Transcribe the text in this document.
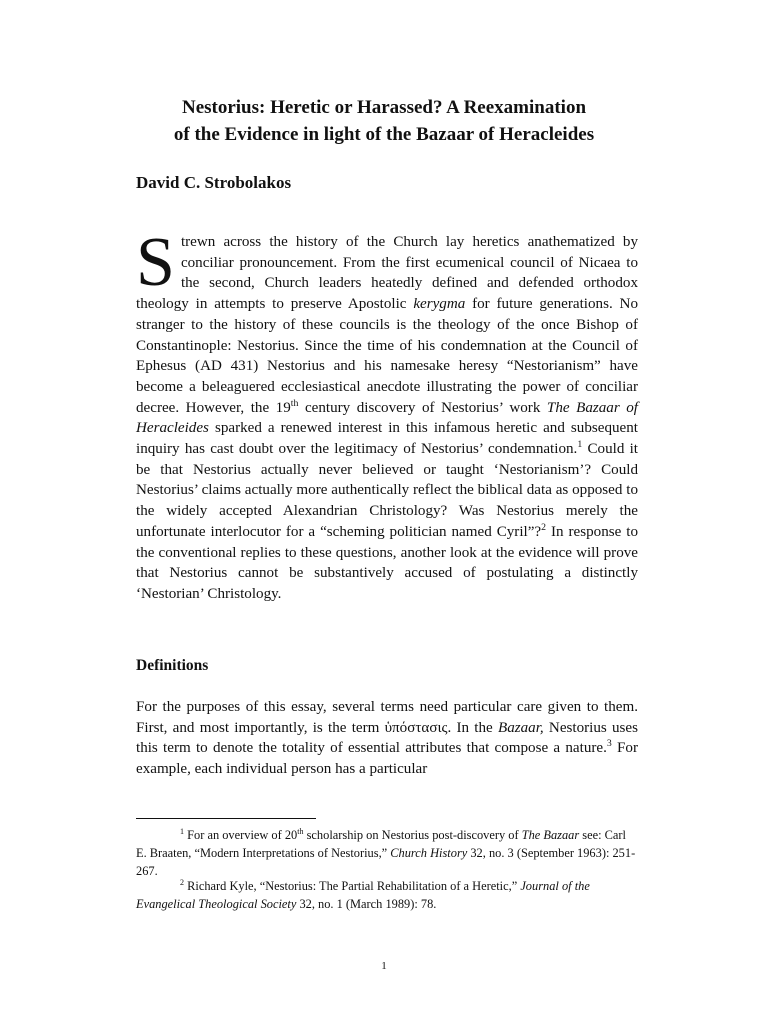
Nestorius: Heretic or Harassed? A Reexamination
of the Evidence in light of the Bazaar of Heracleides

David C. Strobolakos

Strewn across the history of the Church lay heretics anathematized by conciliar pronouncement. From the first ecumenical council of Nicaea to the second, Church leaders heatedly defined and defended orthodox theology in attempts to preserve Apostolic kerygma for future generations. No stranger to the history of these councils is the theology of the once Bishop of Constantinople: Nestorius. Since the time of his condemnation at the Council of Ephesus (AD 431) Nestorius and his namesake heresy “Nestorianism” have become a beleaguered ecclesiastical anecdote illustrating the power of conciliar decree. However, the 19th century discovery of Nestorius’ work The Bazaar of Heracleides sparked a renewed interest in this infamous heretic and subsequent inquiry has cast doubt over the legitimacy of Nestorius’ condemnation.$^1$ Could it be that Nestorius actually never believed or taught ‘Nestorianism’? Could Nestorius’ claims actually more authentically reflect the biblical data as opposed to the widely accepted Alexandrian Christology? Was Nestorius merely the unfortunate interlocutor for a “scheming politician named Cyril”?$^2$ In response to the conventional replies to these questions, another look at the evidence will prove that Nestorius cannot be substantively accused of postulating a distinctly ‘Nestorian’ Christology.

Definitions

For the purposes of this essay, several terms need particular care given to them. First, and most importantly, is the term ὑπόστασις. In the Bazaar, Nestorius uses this term to denote the totality of essential attributes that compose a nature.$^3$ For example, each individual person has a particular

$^1$ For an overview of 20th scholarship on Nestorius post-discovery of The Bazaar see: Carl E. Braaten, “Modern Interpretations of Nestorius,” Church History 32, no. 3 (September 1963): 251-267.

$^2$ Richard Kyle, “Nestorius: The Partial Rehabilitation of a Heretic,” Journal of the Evangelical Theological Society 32, no. 1 (March 1989): 78.

1
